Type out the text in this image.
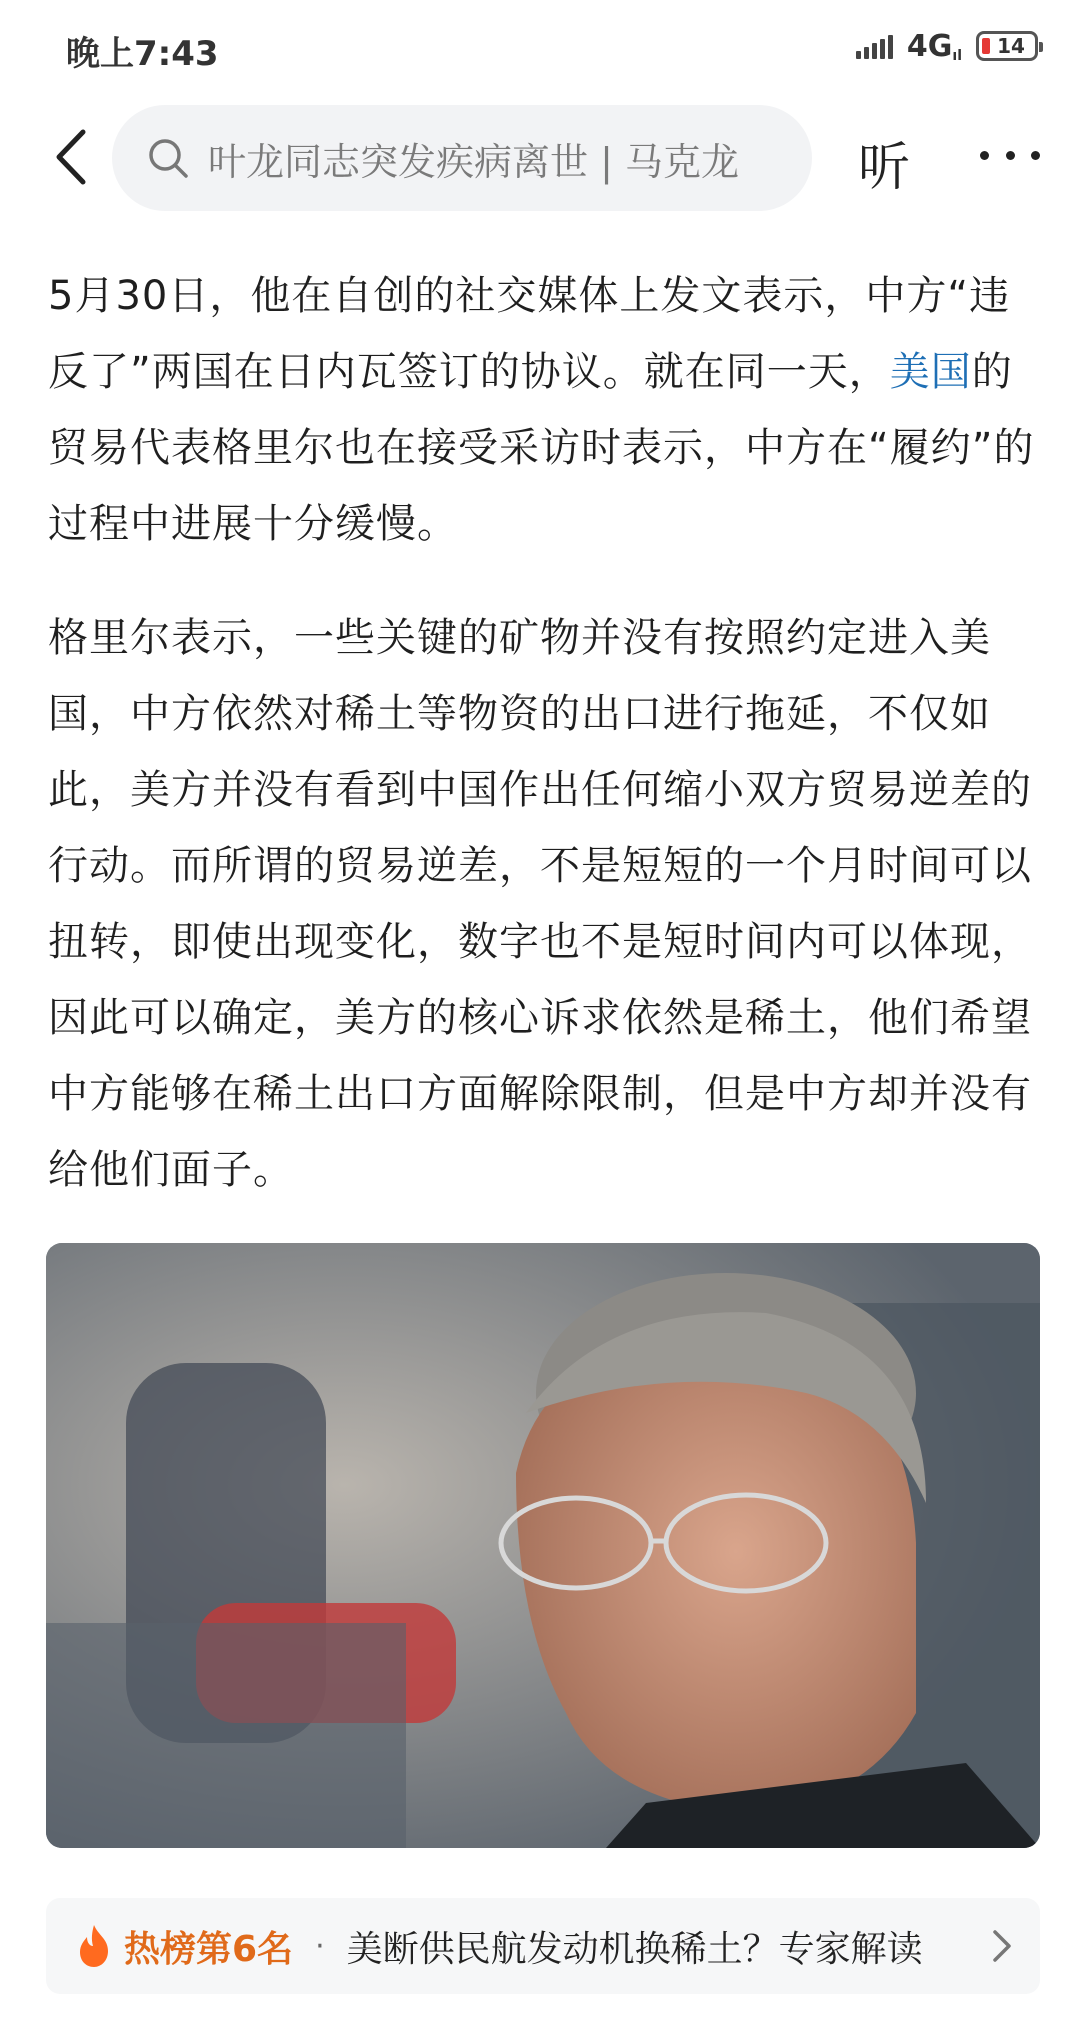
晚上7:43	4Gıl 14
叶龙同志突发疾病离世 | 马克龙 听

5月30日，他在自创的社交媒体上发文表示，中方“违反了”两国在日内瓦签订的协议。就在同一天，美国的贸易代表格里尔也在接受采访时表示，中方在“履约”的过程中进展十分缓慢。

格里尔表示，一些关键的矿物并没有按照约定进入美国，中方依然对稀土等物资的出口进行拖延，不仅如此，美方并没有看到中国作出任何缩小双方贸易逆差的行动。而所谓的贸易逆差，不是短短的一个月时间可以扭转，即使出现变化，数字也不是短时间内可以体现，因此可以确定，美方的核心诉求依然是稀土，他们希望中方能够在稀土出口方面解除限制，但是中方却并没有给他们面子。

热榜第6名 · 美断供民航发动机换稀土？专家解读
